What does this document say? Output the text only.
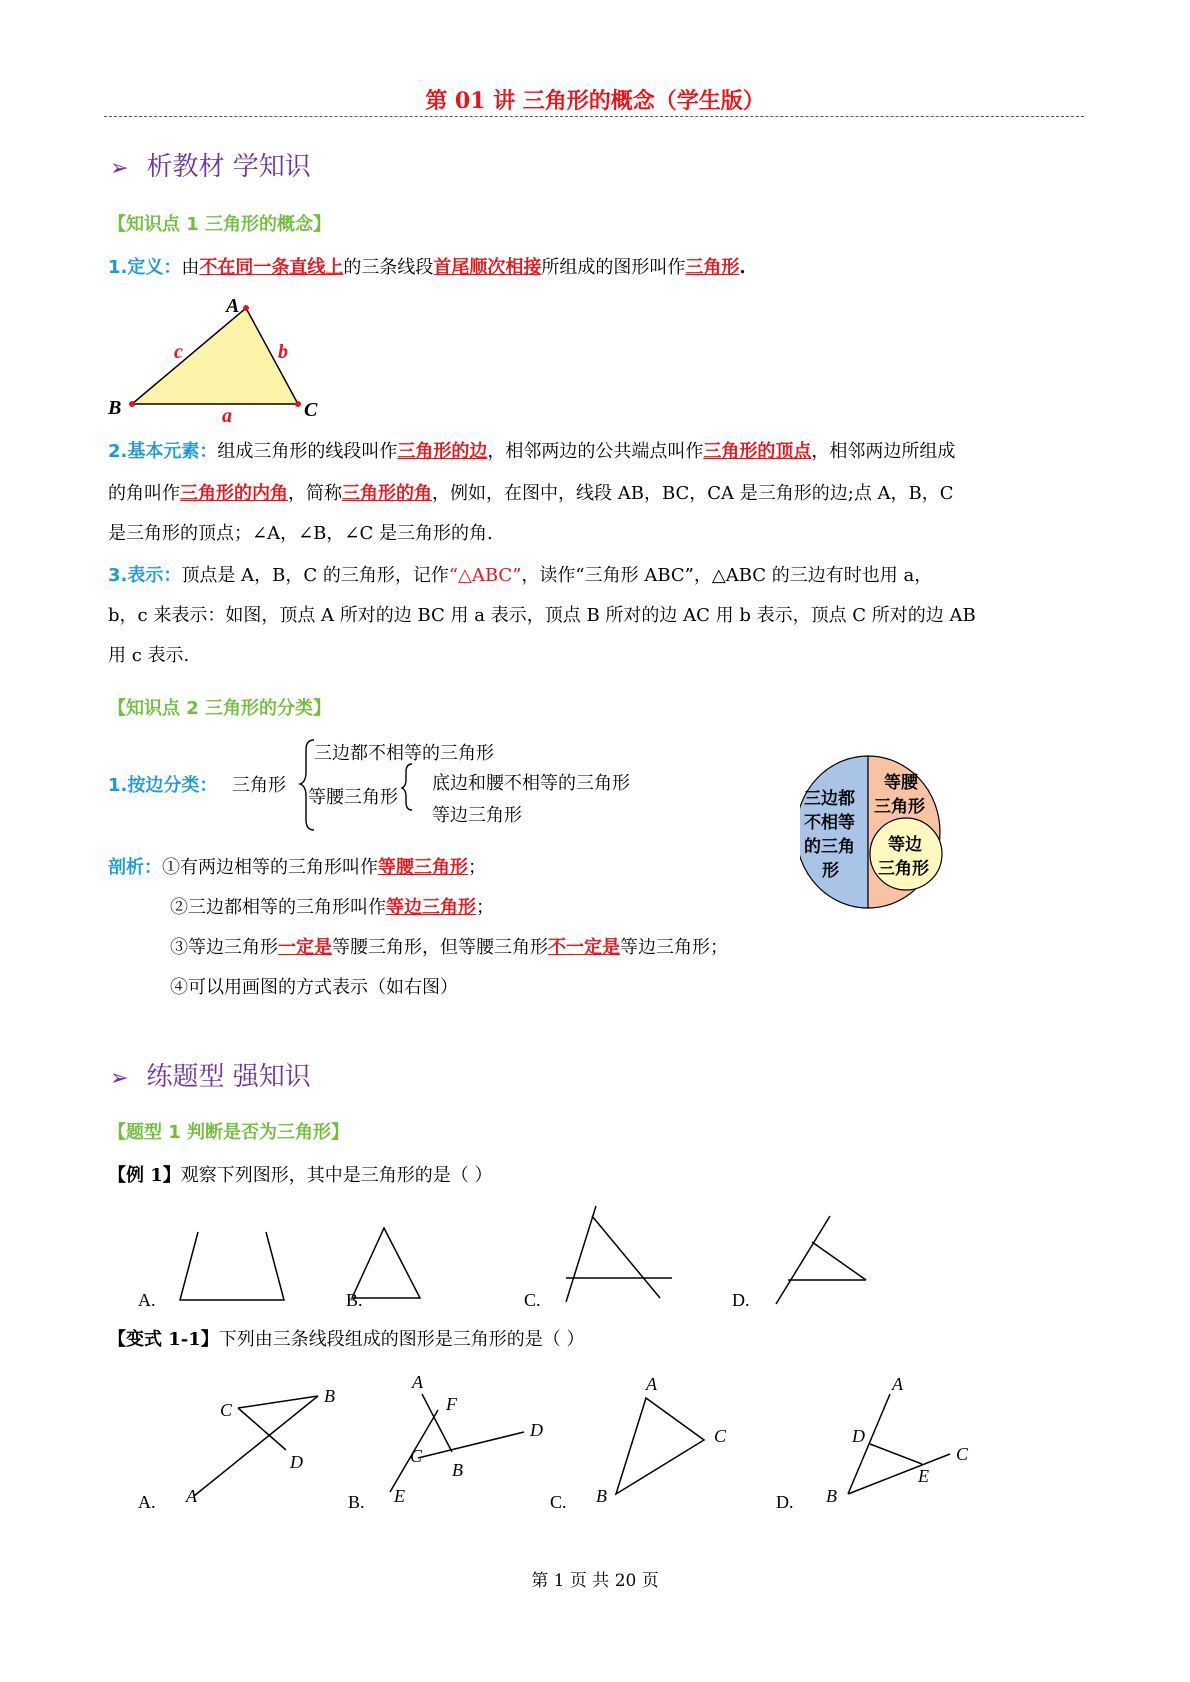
第 01 讲 三角形的概念（学生版）
➢ 析教材 学知识
【知识点 1 三角形的概念】
1.定义：由不在同一条直线上的三条线段首尾顺次相接所组成的图形叫作三角形.
A
B	C
a
b
c
2.基本元素：组成三角形的线段叫作三角形的边，相邻两边的公共端点叫作三角形的顶点，相邻两边所组成
的角叫作三角形的内角，简称三角形的角，例如，在图中，线段 AB，BC，CA 是三角形的边;点 A，B，C
是三角形的顶点；∠A，∠B，∠C 是三角形的角.
3.表示：顶点是 A，B，C 的三角形，记作“△ABC”，读作“三角形 ABC”，△ABC 的三边有时也用 a，
b，c 来表示：如图，顶点 A 所对的边 BC 用 a 表示，顶点 B 所对的边 AC 用 b 表示，顶点 C 所对的边 AB
用 c 表示.
【知识点 2 三角形的分类】
1.按边分类： 三角形
三边都不相等的三角形
等腰三角形
底边和腰不相等的三角形
等边三角形
三边都
不相等
的三角
形
等腰
三角形
等边
三角形
剖析：①有两边相等的三角形叫作等腰三角形；
②三边都相等的三角形叫作等边三角形；
③等边三角形一定是等腰三角形，但等腰三角形不一定是等边三角形；
④可以用画图的方式表示（如右图）
➢ 练题型 强知识
【题型 1 判断是否为三角形】
【例 1】观察下列图形，其中是三角形的是（ ）
A.	B.	C.	D.
【变式 1-1】下列由三条线段组成的图形是三角形的是（ ）
C
B
D
A
A.
A
F
D
C
B
E
B.
A
C
B
C.
A
D
C
E
B
D.
第 1 页 共 20 页
